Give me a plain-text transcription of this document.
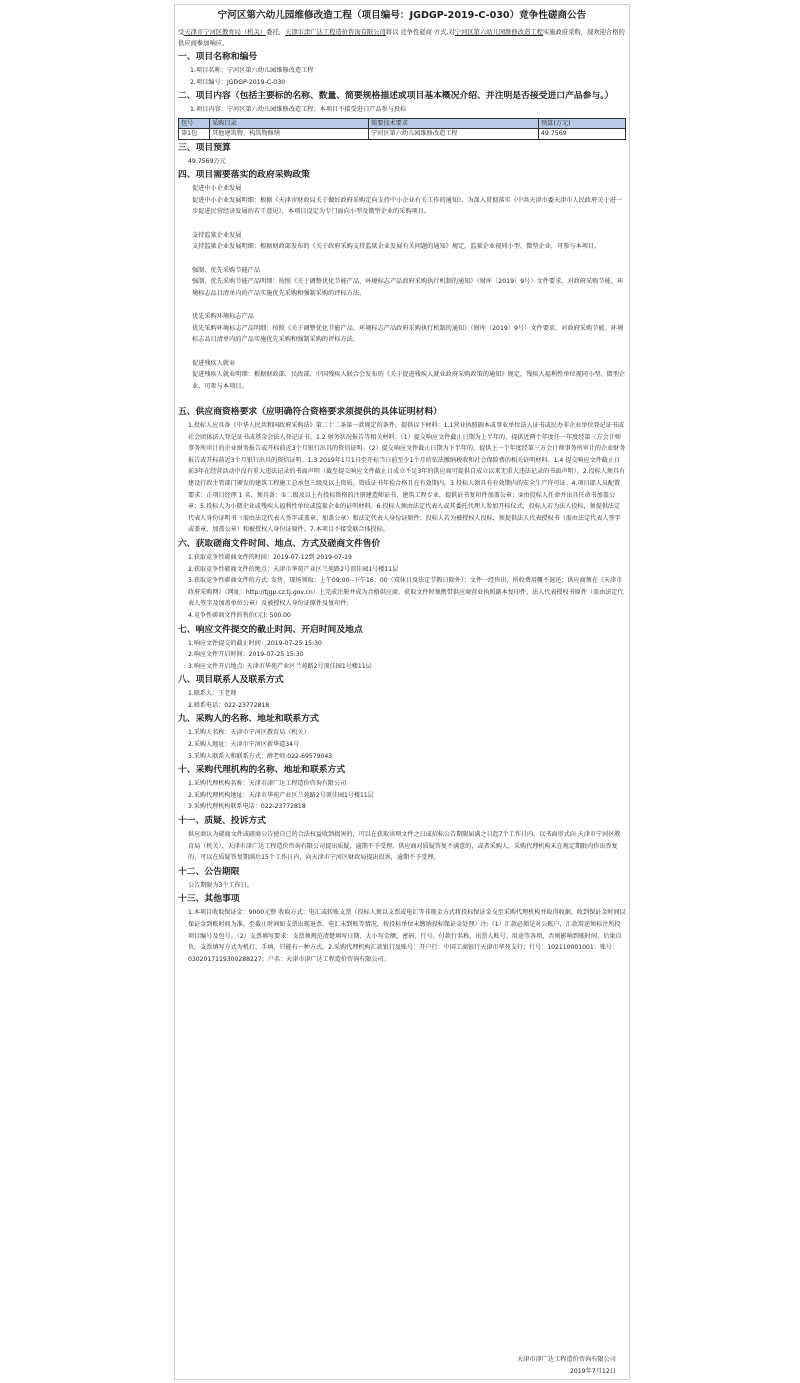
宁河区第六幼儿园维修改造工程（项目编号：JGDGP-2019-C-030）竞争性磋商公告

受天津市宁河区教育局（机关）委托，天津市津广达工程造价咨询有限公司将以 竞争性磋商 方式,对宁河区第六幼儿园维修改造工程实施政府采购，现欢迎合格的供应商参加响应。

一、项目名称和编号

1.项目名称：宁河区第六幼儿园维修改造工程

2.项目编号：JGDGP-2019-C-030

二、项目内容（包括主要标的名称、数量、简要规格描述或项目基本概况介绍、并注明是否接受进口产品参与。）

1.项目内容：宁河区第六幼儿园维修改造工程；本项目不接受进口产品参与投标

包号	采购目录	简要技术要求	预算(万元)
第1包	其他建筑物、构筑物修缮	宁河区第六幼儿园维修改造工程	49.7569
三、项目预算

49.7569万元

四、项目需要落实的政府采购政策

促进中小企业发展

促进中小企业发展明细：根据《天津市财政局关于做好政府采购定向支持中小企业有关工作的通知》，为深入贯彻落实《中共天津市委天津市人民政府关于进一步促进民营经济发展的若干意见》，本项目设定为专门面向小型及微型企业的采购项目。

支持监狱企业发展

支持监狱企业发展明细：根据财政部发布的《关于政府采购支持监狱企业发展有关问题的通知》规定，监狱企业视同小型、微型企业，可参与本项目。

强制、优先采购节能产品

强制、优先采购节能产品明细：按照《关于调整优化节能产品、环境标志产品政府采购执行机制的通知》（财库〔2019〕9号）文件要求，对政府采购节能、环境标志品目清单内的产品实施优先采购和强制采购的评标方法。

优先采购环境标志产品

优先采购环境标志产品明细：按照《关于调整优化节能产品、环境标志产品政府采购执行机制的通知》（财库〔2019〕9号）文件要求，对政府采购节能、环境标志品目清单内的产品实施优先采购和强制采购的评标方法。

促进残疾人就业

促进残疾人就业明细：根据财政部、民政部、中国残疾人联合会发布的《关于促进残疾人就业政府采购政策的通知》规定，残疾人福利性单位视同小型、微型企业，可参与本项目。

五、供应商资格要求（应明确符合资格要求须提供的具体证明材料）

1.投标人应具备《中华人民共和国政府采购法》第二十二条第一款规定的条件，提供以下材料：1.1营业执照副本或事业单位法人证书或民办非企业单位登记证书或社会团体法人登记证书或基金会法人登记证书。1.2 财务状况报告等相关材料：（1）提交响应文件截止日期为上半年的，提供近两个年度任一年度经第三方会计师事务所审计的企业财务报告或开标前近3个月银行出具的资信证明。（2）提交响应文件截止日期为下半年的，提供上一个年度经第三方会计师事务所审计的企业财务报告或开标前近3个月银行出具的资信证明。1.3 2019年1月1日至开标当日前至少1个月的依法缴纳税收和社会保险费的相关证明材料。1.4 提交响应文件截止日前3年在经营活动中没有重大违法记录的书面声明（截至提交响应文件截止日成立不足3年的供应商可提供自成立以来无重大违法记录的书面声明）。2.投标人须具有建设行政主管部门颁发的建筑工程施工总承包三级及以上资质，资质证书年检合格且在有效期内。3.投标人须具有有效期内的安全生产许可证。4.项目部人员配置要求：正项目经理 1 名，须具备：①二级及以上有投标资格的注册建造师证书，建筑工程专业，提供证书复印件加盖公章；②由投标人任命并出具任命书加盖公章；5.投标人为小微企业或残疾人福利性单位或监狱企业的证明材料。6.投标人须由法定代表人或其委托代理人参加开标仪式，投标人若为法人投标，须提供法定代表人身份证明书（需由法定代表人签字或盖章、加盖公章）和法定代表人身份证原件；投标人若为被授权人投标，须提供法人代表授权书（需由法定代表人签字或盖章、加盖公章）和被授权人身份证原件。7.本项目不接受联合体投标。

六、获取磋商文件时间、地点、方式及磋商文件售价

1.获取竞争性磋商文件的时间：2019-07-12到 2019-07-19

2.获取竞争性磋商文件的地点：天津市华苑产业区兰苑路2号顶佳园1号楼11层

3.获取竞争性磋商文件的方式: 发售，现场领取；上午09:00--下午16：00（双休日及法定节假日除外）；文件一经售出，所收费用概不退还；供应商须在《天津市政府采购网》（网址：http://tjgp.cz.tj.gov.cn）上完成注册并成为合格供应商，获取文件时须携带供应商营业执照副本复印件、法人代表授权书原件（需由法定代表人签字及加盖单位公章）及被授权人身份证原件及复印件；

4.竞争性磋商文件的售价(元): 500.00

七、响应文件提交的截止时间、开启时间及地点

1.响应文件提交的截止时间：2019-07-25 15:30

2.响应文件开启时间：2019-07-25 15:30

3.响应文件开启地点: 天津市华苑产业区兰苑路2号顶佳园1号楼11层

八、项目联系人及联系方式

1.联系人：王老师

2.联系电话：022-23772818

九、采购人的名称、地址和联系方式

1.采购人名称：天津市宁河区教育局（机关）

2.采购人地址：天津市宁河区新华道34号

3.采购人联系人和联系方式：薛老师:022-69579043

十、采购代理机构的名称、地址和联系方式

1.采购代理机构名称：天津市津广达工程造价咨询有限公司

2.采购代理机构地址：天津市华苑产业区兰苑路2号顶佳园1号楼11层

3.采购代理机构联系电话：022-23772818

十一、质疑、投诉方式

供应商认为磋商文件或磋商公告使自己的合法权益收到损害的，可以在获取该项文件之日或招标公告期限届满之日起7个工作日内，以书面形式向 天津市宁河区教育局（机关）、天津市津广达工程造价咨询有限公司提出质疑，逾期不予受理。供应商对质疑答复不满意的，或者采购人、采购代理机构未在规定期限内作出答复的，可以在质疑答复期满后15个工作日内，向天津市宁河区财政局提出投诉，逾期不予受理。

十二、公告期限

公告期限为3个工作日。

十三、其他事项

1.本项目收取保证金：9000元整 收取方式：电汇或转账支票（投标人须以支票或电汇等非现金方式将投标保证金交至采购代理机构并取得收据，收到保证金时间以保证金到账时间为准，至截止时间如支票出现退票、电汇未到账等情况，按投标单位未缴纳投标保证金处理）注:（1）汇款必须是对公账户，汇款用途须标注所投项目编号及包号。（2）支票填写要求：支票须规范清楚填写日期、大小写金额、密码、行号、付款行名称、出票人账号、用途等各项，否则影响到账时间，后果自负。支票填写方式为机打、手填，只能有一种方式。2.采购代理机构汇款银行及账号：开户行：中国工商银行天津市华苑支行；行号：102110001001；账号：0302017119300288227；户名：天津市津广达工程造价咨询有限公司。

天津市津广达工程造价咨询有限公司
2019年7月12日
